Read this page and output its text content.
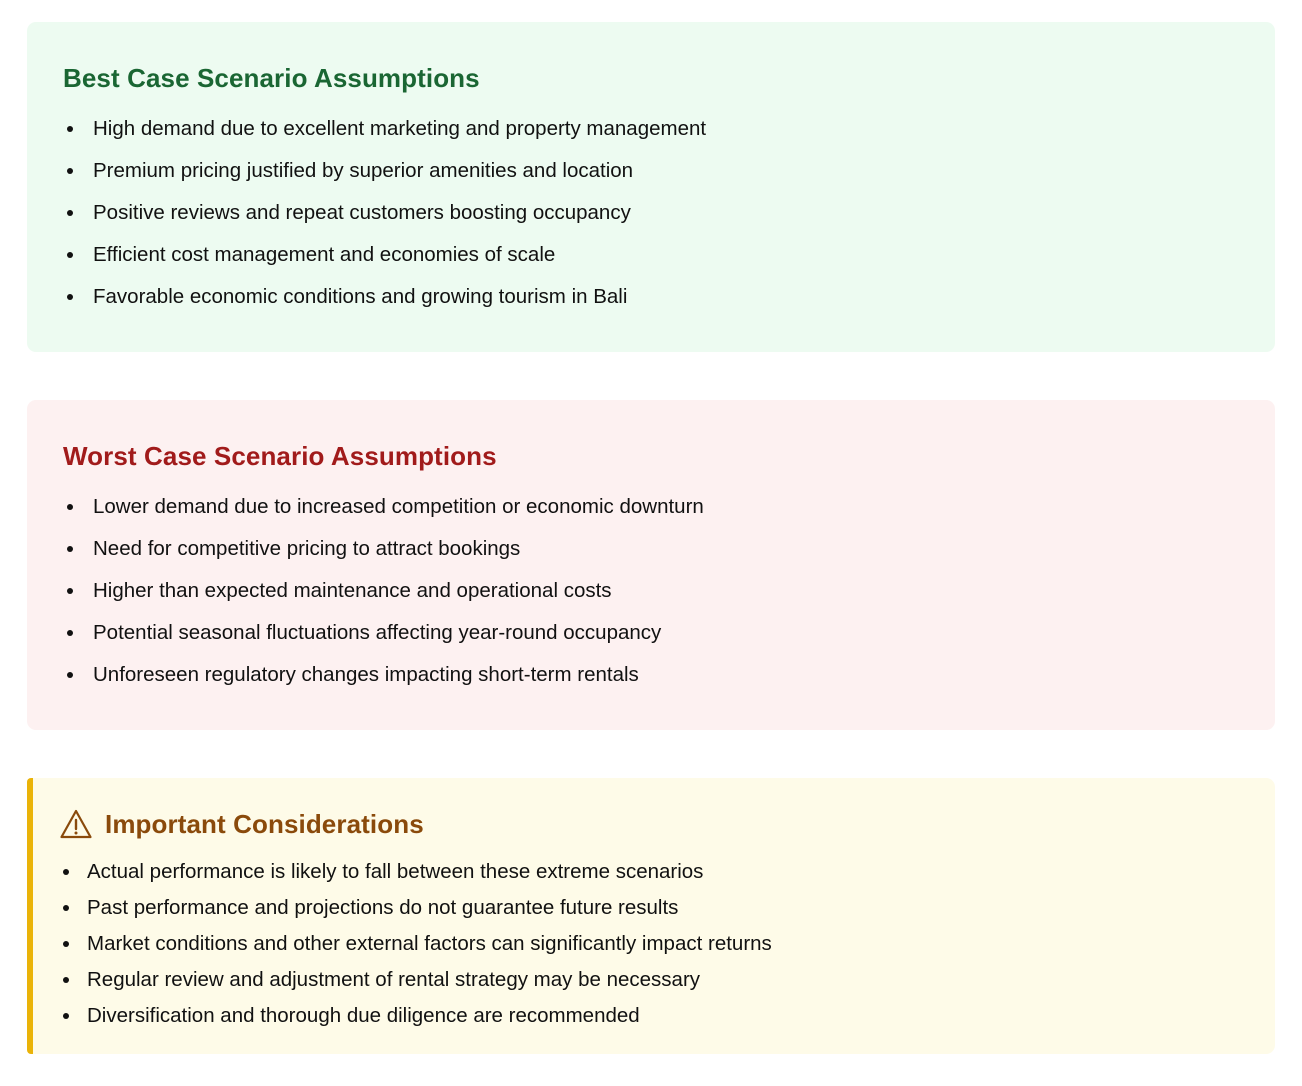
Best Case Scenario Assumptions
High demand due to excellent marketing and property management
Premium pricing justified by superior amenities and location
Positive reviews and repeat customers boosting occupancy
Efficient cost management and economies of scale
Favorable economic conditions and growing tourism in Bali
Worst Case Scenario Assumptions
Lower demand due to increased competition or economic downturn
Need for competitive pricing to attract bookings
Higher than expected maintenance and operational costs
Potential seasonal fluctuations affecting year-round occupancy
Unforeseen regulatory changes impacting short-term rentals
Important Considerations
Actual performance is likely to fall between these extreme scenarios
Past performance and projections do not guarantee future results
Market conditions and other external factors can significantly impact returns
Regular review and adjustment of rental strategy may be necessary
Diversification and thorough due diligence are recommended
